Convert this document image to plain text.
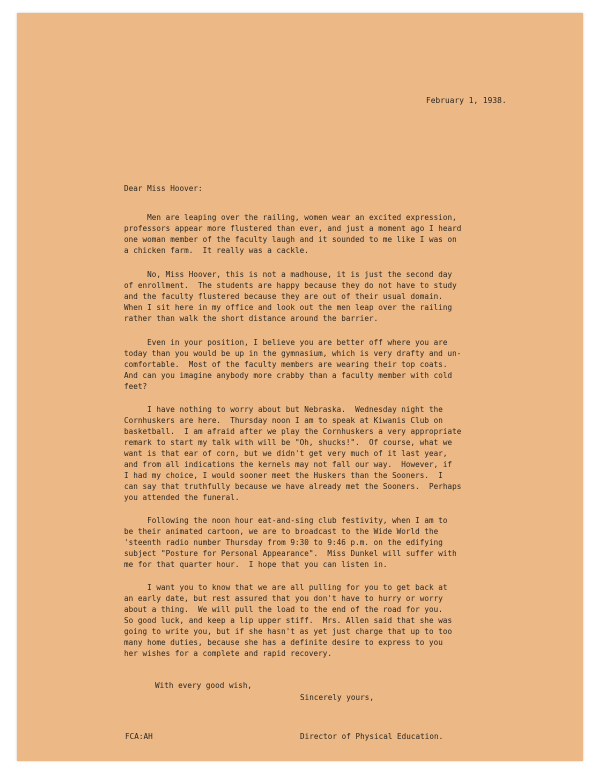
February 1, 1938.
Dear Miss Hoover:
Men are leaping over the railing, women wear an excited expression,
professors appear more flustered than ever, and just a moment ago I heard
one woman member of the faculty laugh and it sounded to me like I was on
a chicken farm.  It really was a cackle.
No, Miss Hoover, this is not a madhouse, it is just the second day
of enrollment.  The students are happy because they do not have to study
and the faculty flustered because they are out of their usual domain.
When I sit here in my office and look out the men leap over the railing
rather than walk the short distance around the barrier.
Even in your position, I believe you are better off where you are
today than you would be up in the gymnasium, which is very drafty and un-
comfortable.  Most of the faculty members are wearing their top coats.
And can you imagine anybody more crabby than a faculty member with cold
feet?
I have nothing to worry about but Nebraska.  Wednesday night the
Cornhuskers are here.  Thursday noon I am to speak at Kiwanis Club on
basketball.  I am afraid after we play the Cornhuskers a very appropriate
remark to start my talk with will be "Oh, shucks!".  Of course, what we
want is that ear of corn, but we didn't get very much of it last year,
and from all indications the kernels may not fall our way.  However, if
I had my choice, I would sooner meet the Huskers than the Sooners.  I
can say that truthfully because we have already met the Sooners.  Perhaps
you attended the funeral.
Following the noon hour eat-and-sing club festivity, when I am to
be their animated cartoon, we are to broadcast to the Wide World the
'steenth radio number Thursday from 9:30 to 9:46 p.m. on the edifying
subject "Posture for Personal Appearance".  Miss Dunkel will suffer with
me for that quarter hour.  I hope that you can listen in.
I want you to know that we are all pulling for you to get back at
an early date, but rest assured that you don't have to hurry or worry
about a thing.  We will pull the load to the end of the road for you.
So good luck, and keep a lip upper stiff.  Mrs. Allen said that she was
going to write you, but if she hasn't as yet just charge that up to too
many home duties, because she has a definite desire to express to you
her wishes for a complete and rapid recovery.
With every good wish,
Sincerely yours,
FCA:AH	Director of Physical Education.
